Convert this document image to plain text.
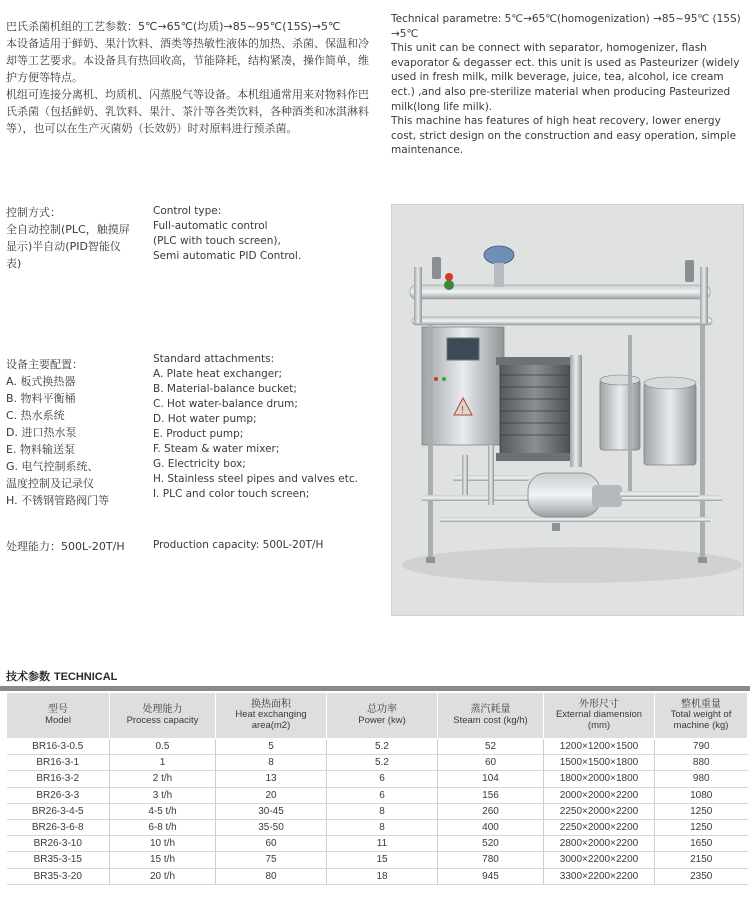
巴氏杀菌机组的工艺参数：5℃→65℃(均质)→85~95℃(15S)→5℃
本设备适用于鲜奶、果汁饮料、酒类等热敏性液体的加热、杀菌、保温和冷却等工艺要求。本设备具有热回收高，节能降耗，结构紧凑，操作简单，维护方便等特点。
机组可连接分离机、均质机、闪蒸脱气等设备。本机组通常用来对物料作巴氏杀菌（包括鲜奶、乳饮料、果汁、茶汁等各类饮料，各种酒类和冰淇淋料等），也可以在生产灭菌奶（长效奶）时对原料进行预杀菌。
Technical parametre: 5℃→65℃(homogenization) →85~95℃ (15S) →5℃
This unit can be connect with separator, homogenizer, flash evaporator & degasser ect. this unit is used as Pasteurizer (widely used in fresh milk, milk beverage, juice, tea, alcohol, ice cream ect.) ,and also pre-sterilize material when producing Pasteurized milk(long life milk).
This machine has features of high heat recovery, lower energy cost, strict design on the construction and easy operation, simple maintenance.
控制方式：
全自动控制(PLC，触摸屏显示)半自动(PID智能仪表)
Control type:
Full-automatic control
(PLC with touch screen),
Semi automatic PID Control.
设备主要配置：
A. 板式换热器
B. 物料平衡桶
C. 热水系统
D. 进口热水泵
E. 物料输送泵
G. 电气控制系统、
温度控制及记录仪
H. 不锈钢管路阀门等
Standard attachments:
A. Plate heat exchanger;
B. Material-balance bucket;
C. Hot water-balance drum;
D. Hot water pump;
E. Product pump;
F. Steam & water mixer;
G. Electricity box;
H. Stainless steel pipes and valves etc.
I. PLC and color touch screen;
处理能力：500L-20T/H	Production capacity: 500L-20T/H
!
技术参数 TECHNICAL
型号
Model	处理能力
Process capacity	换热面积
Heat exchanging area(m2)	总功率
Power (kw)	蒸汽耗量
Steam cost (kg/h)	外形尺寸
External diamension (mm)	整机重量
Total weight of machine (kg)
BR16-3-0.5	0.5	5	5.2	52	1200×1200×1500	790
BR16-3-1	1	8	5.2	60	1500×1500×1800	880
BR16-3-2	2 t/h	13	6	104	1800×2000×1800	980
BR26-3-3	3 t/h	20	6	156	2000×2000×2200	1080
BR26-3-4-5	4-5 t/h	30-45	8	260	2250×2000×2200	1250
BR26-3-6-8	6-8 t/h	35-50	8	400	2250×2000×2200	1250
BR26-3-10	10 t/h	60	11	520	2800×2000×2200	1650
BR35-3-15	15 t/h	75	15	780	3000×2200×2200	2150
BR35-3-20	20 t/h	80	18	945	3300×2200×2200	2350
